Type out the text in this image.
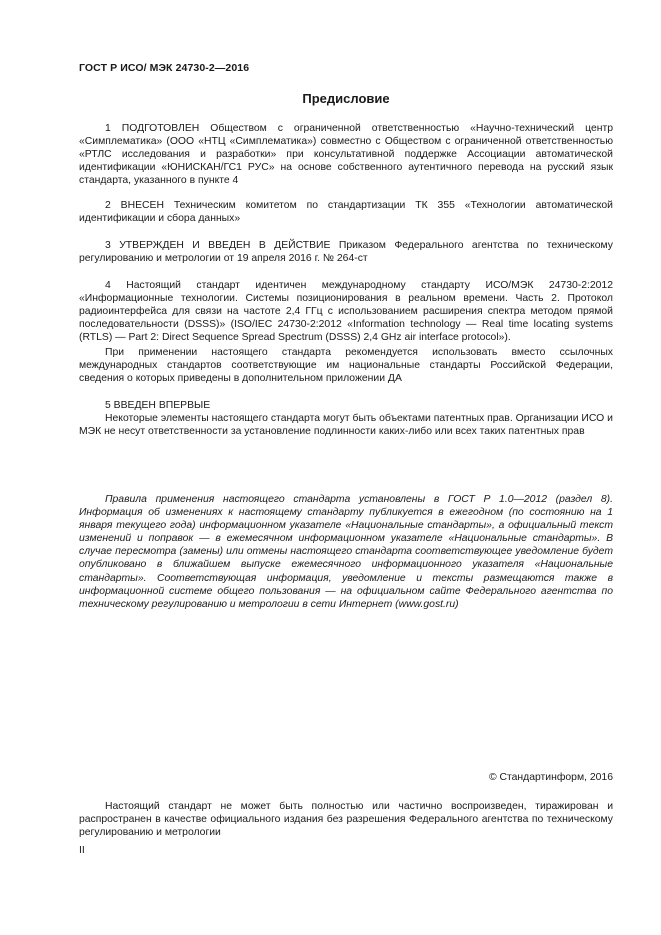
ГОСТ Р ИСО/ МЭК 24730-2—2016
Предисловие

1 ПОДГОТОВЛЕН Обществом с ограниченной ответственностью «Научно-технический центр «Симплематика» (ООО «НТЦ «Симплематика») совместно с Обществом с ограниченной ответственностью «РТЛС исследования и разработки» при консультативной поддержке Ассоциации автоматической идентификации «ЮНИСКАН/ГС1 РУС» на основе собственного аутентичного перевода на русский язык стандарта, указанного в пункте 4

2 ВНЕСЕН Техническим комитетом по стандартизации ТК 355 «Технологии автоматической идентификации и сбора данных»

3 УТВЕРЖДЕН И ВВЕДЕН В ДЕЙСТВИЕ Приказом Федерального агентства по техническому регулированию и метрологии от 19 апреля 2016 г. № 264-ст

4 Настоящий стандарт идентичен международному стандарту ИСО/МЭК 24730-2:2012 «Информационные технологии. Системы позиционирования в реальном времени. Часть 2. Протокол радиоинтерфейса для связи на частоте 2,4 ГГц с использованием расширения спектра методом прямой последовательности (DSSS)» (ISO/IEC 24730-2:2012 «Information technology — Real time locating systems (RTLS) — Part 2: Direct Sequence Spread Spectrum (DSSS) 2,4 GHz air interface protocol»).

При применении настоящего стандарта рекомендуется использовать вместо ссылочных международных стандартов соответствующие им национальные стандарты Российской Федерации, сведения о которых приведены в дополнительном приложении ДА

5 ВВЕДЕН ВПЕРВЫЕ

Некоторые элементы настоящего стандарта могут быть объектами патентных прав. Организации ИСО и МЭК не несут ответственности за установление подлинности каких-либо или всех таких патентных прав

Правила применения настоящего стандарта установлены в ГОСТ Р 1.0—2012 (раздел 8). Информация об изменениях к настоящему стандарту публикуется в ежегодном (по состоянию на 1 января текущего года) информационном указателе «Национальные стандарты», а официальный текст изменений и поправок — в ежемесячном информационном указателе «Национальные стандарты». В случае пересмотра (замены) или отмены настоящего стандарта соответствующее уведомление будет опубликовано в ближайшем выпуске ежемесячного информационного указателя «Национальные стандарты». Соответствующая информация, уведомление и тексты размещаются также в информационной системе общего пользования — на официальном сайте Федерального агентства по техническому регулированию и метрологии в сети Интернет (www.gost.ru)

© Стандартинформ, 2016

Настоящий стандарт не может быть полностью или частично воспроизведен, тиражирован и распространен в качестве официального издания без разрешения Федерального агентства по техническому регулированию и метрологии

II
